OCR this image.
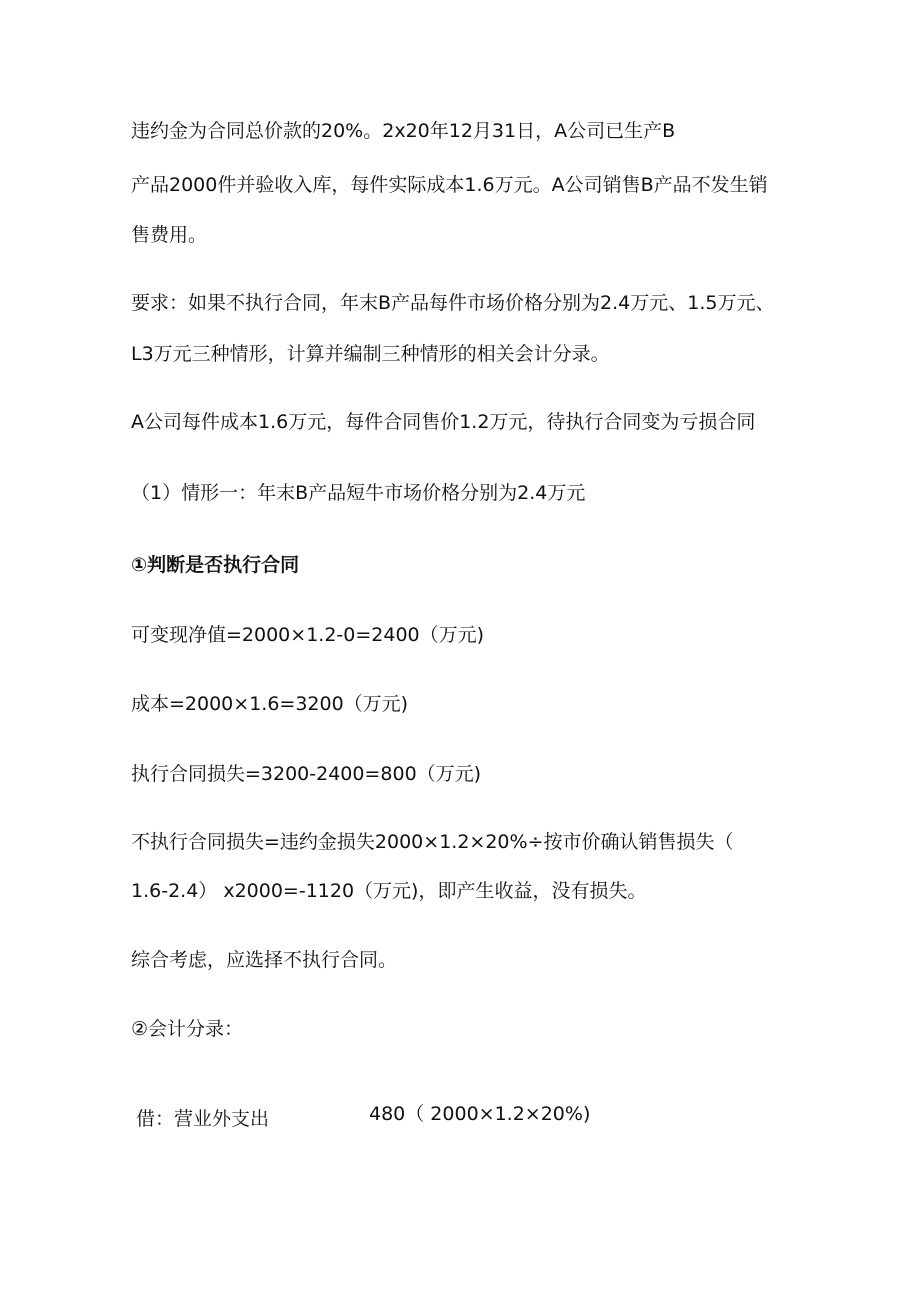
违约金为合同总价款的20%。2x20年12月31日，A公司已生产B
产品2000件并验收入库，每件实际成本1.6万元。A公司销售B产品不发生销
售费用。
要求：如果不执行合同，年末B产品每件市场价格分别为2.4万元、1.5万元、
L3万元三种情形，计算并编制三种情形的相关会计分录。
A公司每件成本1.6万元，每件合同售价1.2万元，待执行合同变为亏损合同
（1）情形一：年末B产品短牛市场价格分别为2.4万元
①判断是否执行合同
可变现净值=2000×1.2-0=2400（万元)
成本=2000×1.6=3200（万元)
执行合同损失=3200-2400=800（万元)
不执行合同损失=违约金损失2000×1.2×20%÷按市价确认销售损失（
1.6-2.4） x2000=-1120（万元)，即产生收益，没有损失。
综合考虑，应选择不执行合同。
②会计分录：
借：营业外支出	480（ 2000×1.2×20%)
